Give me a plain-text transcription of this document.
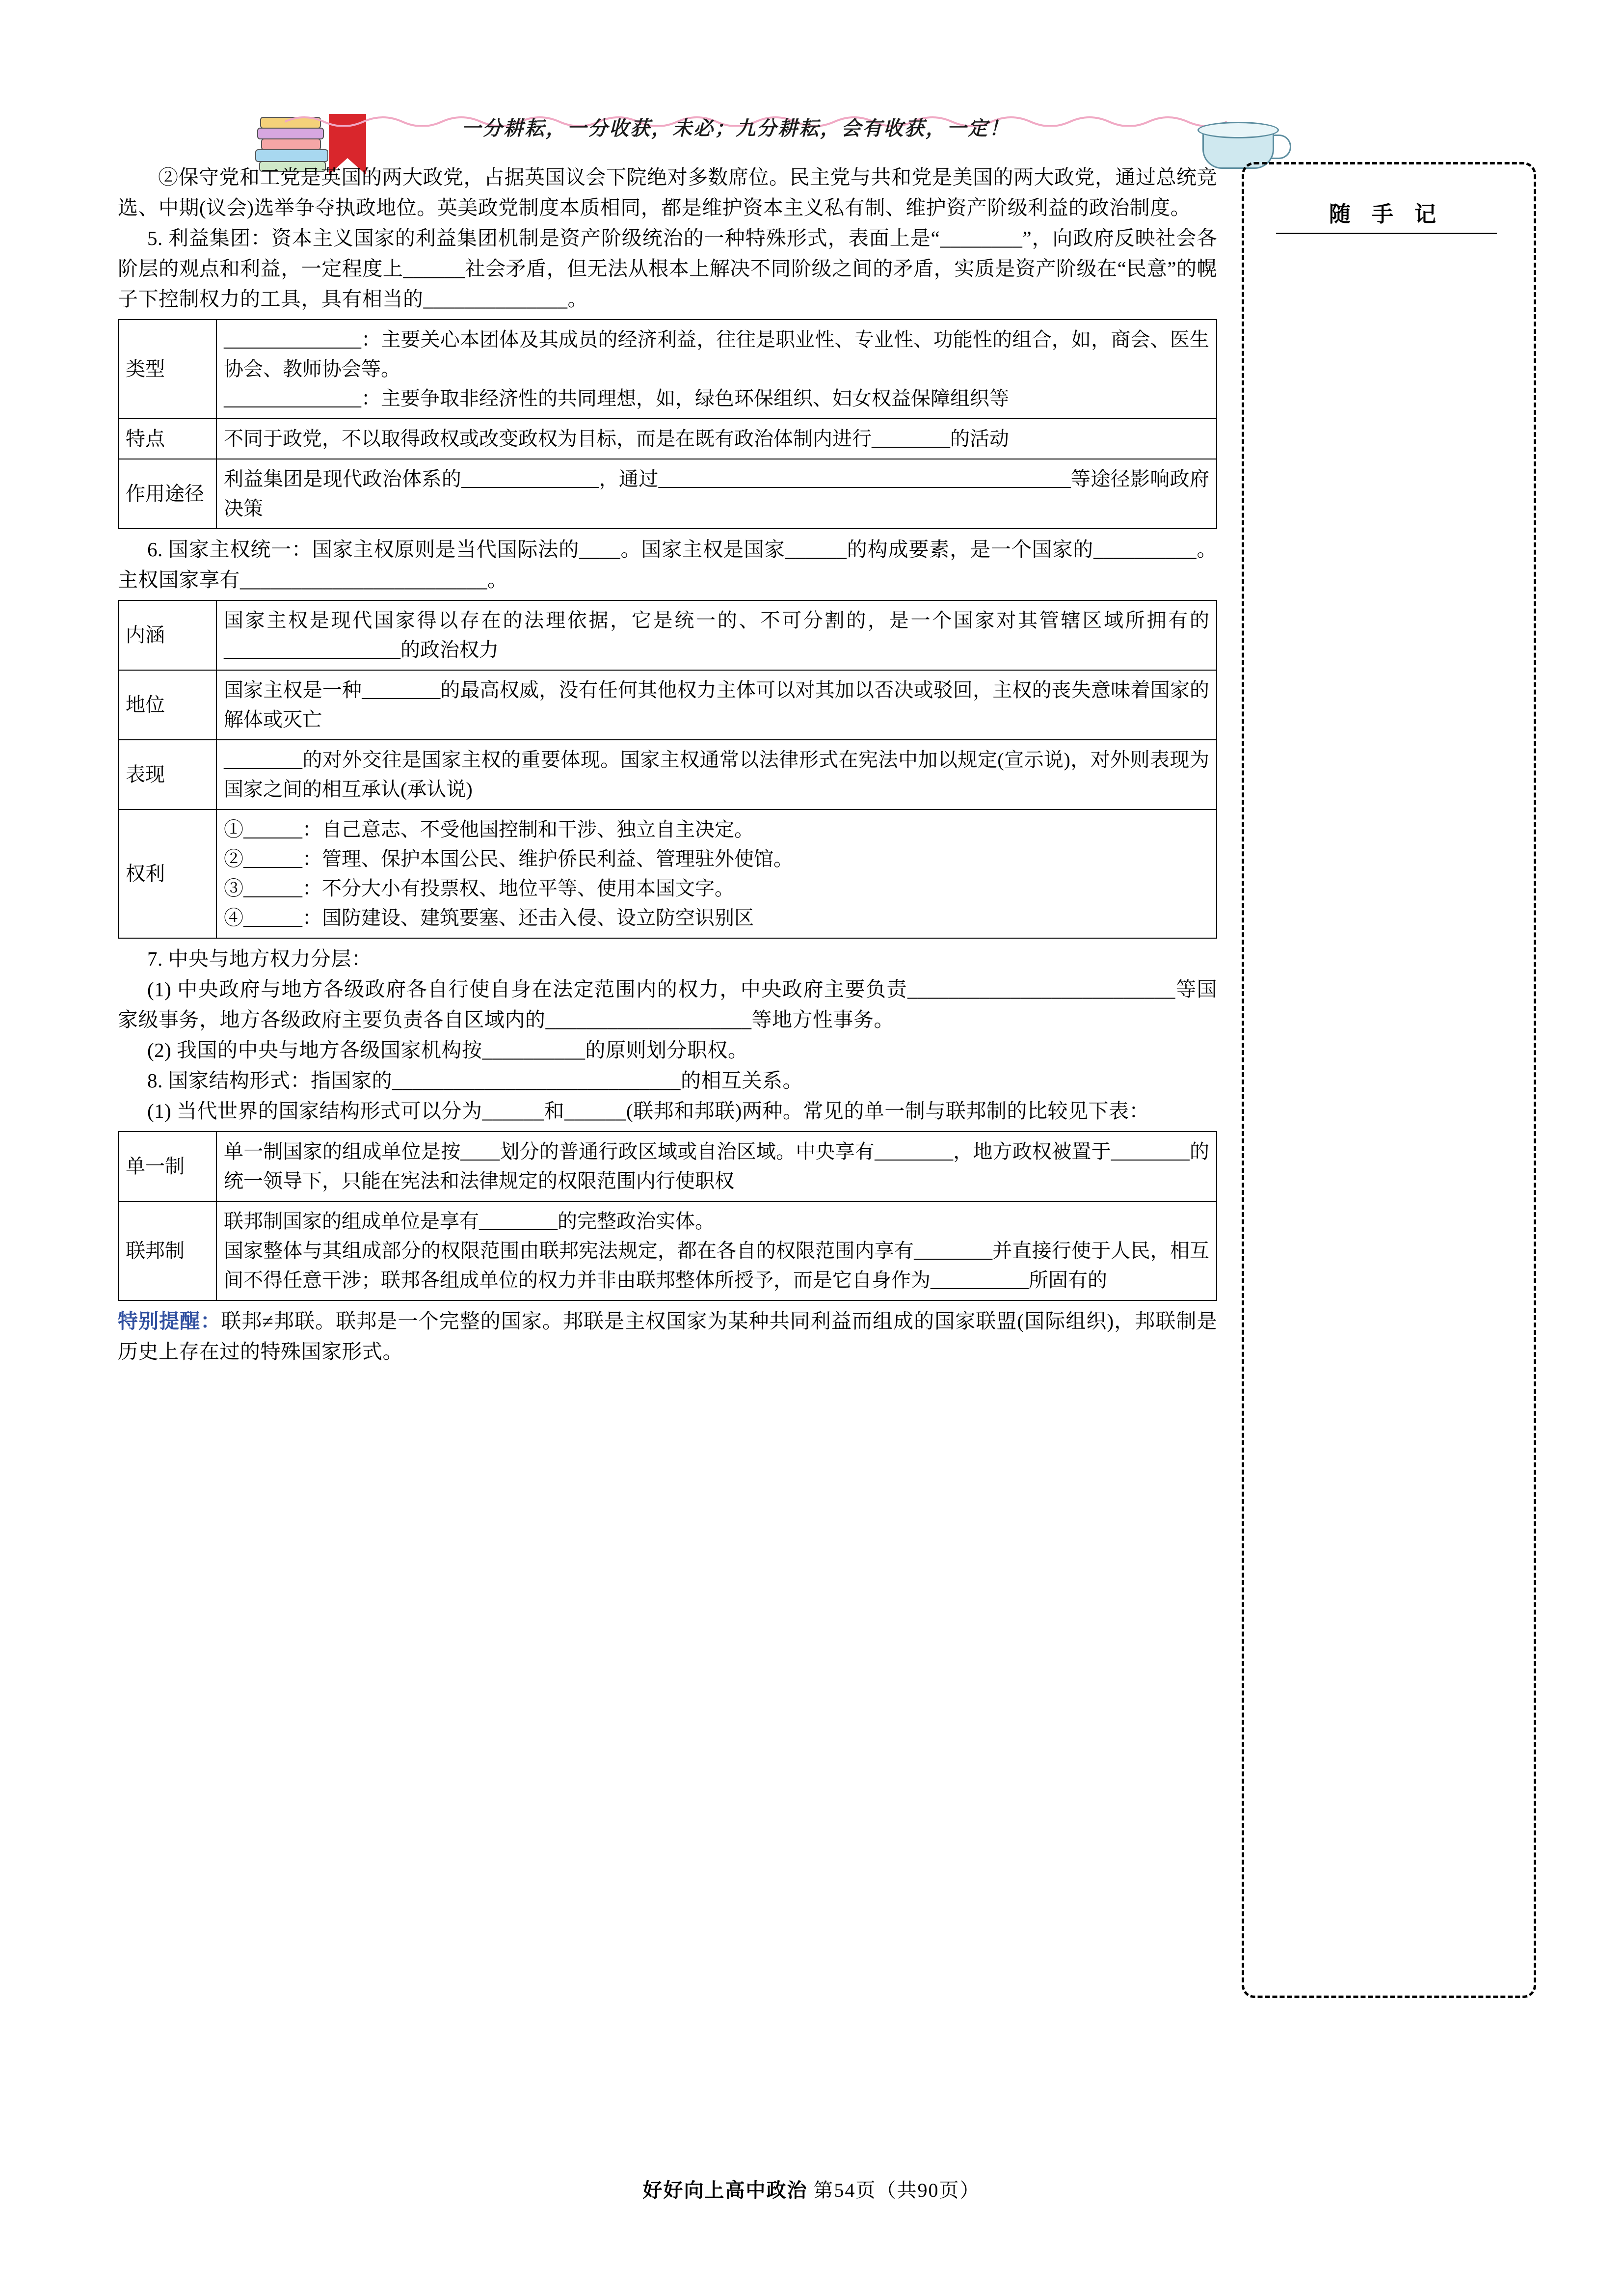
一分耕耘，一分收获，未必；九分耕耘，会有收获，一定！
随 手 记

②保守党和工党是英国的两大政党，占据英国议会下院绝对多数席位。民主党与共和党是美国的两大政党，通过总统竞选、中期(议会)选举争夺执政地位。英美政党制度本质相同，都是维护资本主义私有制、维护资产阶级利益的政治制度。

5. 利益集团：资本主义国家的利益集团机制是资产阶级统治的一种特殊形式，表面上是“________”，向政府反映社会各阶层的观点和利益，一定程度上______社会矛盾，但无法从根本上解决不同阶级之间的矛盾，实质是资产阶级在“民意”的幌子下控制权力的工具，具有相当的______________。

类型	______________：主要关心本团体及其成员的经济利益，往往是职业性、专业性、功能性的组合，如，商会、医生协会、教师协会等。
______________：主要争取非经济性的共同理想，如，绿色环保组织、妇女权益保障组织等

特点	不同于政党，不以取得政权或改变政权为目标，而是在既有政治体制内进行________的活动

作用途径	利益集团是现代政治体系的______________，通过__________________________________________等途径影响政府决策

6. 国家主权统一：国家主权原则是当代国际法的____。国家主权是国家______的构成要素，是一个国家的__________。主权国家享有________________________。

内涵	国家主权是现代国家得以存在的法理依据，它是统一的、不可分割的，是一个国家对其管辖区域所拥有的__________________的政治权力

地位	国家主权是一种________的最高权威，没有任何其他权力主体可以对其加以否决或驳回，主权的丧失意味着国家的解体或灭亡

表现	________的对外交往是国家主权的重要体现。国家主权通常以法律形式在宪法中加以规定(宣示说)，对外则表现为国家之间的相互承认(承认说)

权利	①______：自己意志、不受他国控制和干涉、独立自主决定。
②______：管理、保护本国公民、维护侨民利益、管理驻外使馆。
③______：不分大小有投票权、地位平等、使用本国文字。
④______：国防建设、建筑要塞、还击入侵、设立防空识别区

7. 中央与地方权力分层：

(1) 中央政府与地方各级政府各自行使自身在法定范围内的权力，中央政府主要负责__________________________等国家级事务，地方各级政府主要负责各自区域内的____________________等地方性事务。

(2) 我国的中央与地方各级国家机构按__________的原则划分职权。

8. 国家结构形式：指国家的____________________________的相互关系。

(1) 当代世界的国家结构形式可以分为______和______(联邦和邦联)两种。常见的单一制与联邦制的比较见下表：

单一制	单一制国家的组成单位是按____划分的普通行政区域或自治区域。中央享有________，地方政权被置于________的统一领导下，只能在宪法和法律规定的权限范围内行使职权

联邦制	联邦制国家的组成单位是享有________的完整政治实体。
国家整体与其组成部分的权限范围由联邦宪法规定，都在各自的权限范围内享有________并直接行使于人民，相互间不得任意干涉；联邦各组成单位的权力并非由联邦整体所授予，而是它自身作为__________所固有的

特别提醒：联邦≠邦联。联邦是一个完整的国家。邦联是主权国家为某种共同利益而组成的国家联盟(国际组织)，邦联制是历史上存在过的特殊国家形式。

好好向上高中政治 第54页（共90页）
